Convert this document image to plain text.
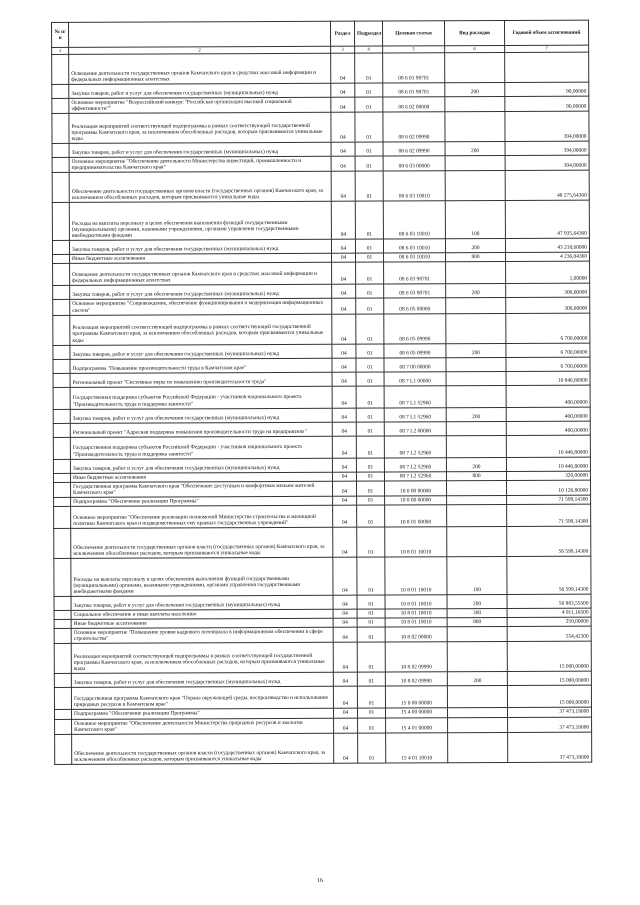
№ п/п		Раздел	Подраздел	Целевая статья	Вид расходов	Годовой объем ассигнований
1	2	3	4	5	6	7
	Освещение деятельности государственных органов Камчатского края в средствах массовой информации и федеральных информационных агентствах	04	01	08 6 01 98701		
	Закупка товаров, работ и услуг для обеспечения государственных (муниципальных) нужд	04	01	08 6 01 98701	200	90,00000
	Основное мероприятие "Всероссийский конкурс "Российская организация высокой социальной эффективности""	04	01	08 6 02 00000		90,00000
	Реализация мероприятий соответствующей подпрограммы в рамках соответствующей государственной программы Камчатского края, за исключением обособленных расходов, которым присваиваются уникальные коды	04	01	08 6 02 09990		394,00000
	Закупка товаров, работ и услуг для обеспечения государственных (муниципальных) нужд	04	01	08 6 02 09990	200	394,00000
	Основное мероприятие "Обеспечение деятельности Министерства инвестиций, промышленности и предпринимательства Камчатского края"	04	01	08 6 03 00000		394,00000
	Обеспечение деятельности государственных органов власти (государственных органов) Камчатского края, за исключением обособленных расходов, которым присваиваются уникальные коды	04	01	08 6 03 10010		48 275,64360
	Расходы на выплаты персоналу в целях обеспечения выполнения функций государственными (муниципальными) органами, казенными учреждениями, органами управления государственными внебюджетными фондами	04	01	08 6 03 10010	100	47 935,64360
	Закупка товаров, работ и услуг для обеспечения государственных (муниципальных) нужд	04	01	08 6 03 10010	200	43 218,60000
	Иные бюджетные ассигнования	04	01	08 6 03 10010	800	4 236,04360
	Освещение деятельности государственных органов Камчатского края в средствах массовой информации и федеральных информационных агентствах	04	01	08 6 03 98701		1,00000
	Закупка товаров, работ и услуг для обеспечения государственных (муниципальных) нужд	04	01	08 6 03 98701	200	300,00000
	Основное мероприятие "Сопровождение, обеспечение функционирования и модернизация информационных систем"	04	01	08 6 05 00000		300,00000
	Реализация мероприятий соответствующей подпрограммы в рамках соответствующей государственной программы Камчатского края, за исключением обособленных расходов, которым присваиваются уникальные коды	04	01	08 6 05 09990		6 700,00000
	Закупка товаров, работ и услуг для обеспечения государственных (муниципальных) нужд	04	01	08 6 05 09990	200	6 700,00000
	Подпрограмма "Повышение производительности труда в Камчатском крае"	04	01	08 7 00 00000		6 700,00000
	Региональный проект "Системные меры по повышению производительности труда"	04	01	08 7 L1 00000		10 846,80900
	Государственная поддержка субъектов Российской Федерации - участников национального проекта "Производительность труда и поддержка занятости"	04	01	08 7 L1 52960		400,00000
	Закупка товаров, работ и услуг для обеспечения государственных (муниципальных) нужд	04	01	08 7 L1 52960	200	400,00000
	Региональный проект "Адресная поддержка повышения производительности труда на предприятиях"	04	01	08 7 L2 00000		400,00000
	Государственная поддержка субъектов Российской Федерации - участников национального проекта "Производительность труда и поддержка занятости"	04	01	08 7 L2 52960		10 446,80900
	Закупка товаров, работ и услуг для обеспечения государственных (муниципальных) нужд	04	01	08 7 L2 52960	200	10 446,80900
	Иные бюджетные ассигнования	04	01	08 7 L2 52960	800	320,00000
	Государственная программа Камчатского края "Обеспечение доступным и комфортным жильем жителей Камчатского края"	04	01	10 0 00 00000		10 126,80900
	Подпрограмма "Обеспечение реализации Программы"	04	01	10 8 00 00000		71 599,14300
	Основное мероприятие "Обеспечение реализации полномочий Министерства строительства и жилищной политики Камчатского края и подведомственных ему краевых государственных учреждений"	04	01	10 8 01 00000		71 599,14300
	Обеспечение деятельности государственных органов власти (государственных органов) Камчатского края, за исключением обособленных расходов, которым присваиваются уникальные коды	04	01	10 8 01 10010		56 599,14300
	Расходы на выплаты персоналу в целях обеспечения выполнения функций государственными (муниципальными) органами, казенными учреждениями, органами управления государственными внебюджетными фондами	04	01	10 8 01 10010	100	56 599,14300
	Закупка товаров, работ и услуг для обеспечения государственных (муниципальных) нужд	04	01	10 8 01 10010	200	50 883,55500
	Социальное обеспечение и иные выплаты населению	04	01	10 8 01 10010	300	4 911,16500
	Иные бюджетные ассигнования	04	01	10 8 01 10010	800	250,00000
	Основное мероприятие "Повышение уровня кадрового потенциала в информационном обеспечении в сфере строительства"	04	01	10 8 02 00000		554,42300
	Реализация мероприятий соответствующей подпрограммы в рамках соответствующей государственной программы Камчатского края, за исключением обособленных расходов, которым присваиваются уникальные коды	04	01	10 8 02 09990		15 000,00000
	Закупка товаров, работ и услуг для обеспечения государственных (муниципальных) нужд	04	01	10 8 02 09990	200	15 000,00000
	Государственная программа Камчатского края "Охрана окружающей среды, воспроизводство и использование природных ресурсов в Камчатском крае"	04	01	15 0 00 00000		15 000,00000
	Подпрограмма "Обеспечение реализации Программы"	04	01	15 4 00 00000		37 473,19000
	Основное мероприятие "Обеспечение деятельности Министерства природных ресурсов и экологии Камчатского края"	04	01	15 4 01 00000		37 473,19000
	Обеспечение деятельности государственных органов власти (государственных органов) Камчатского края, за исключением обособленных расходов, которым присваиваются уникальные коды	04	01	15 4 01 10010		37 473,19000
16
